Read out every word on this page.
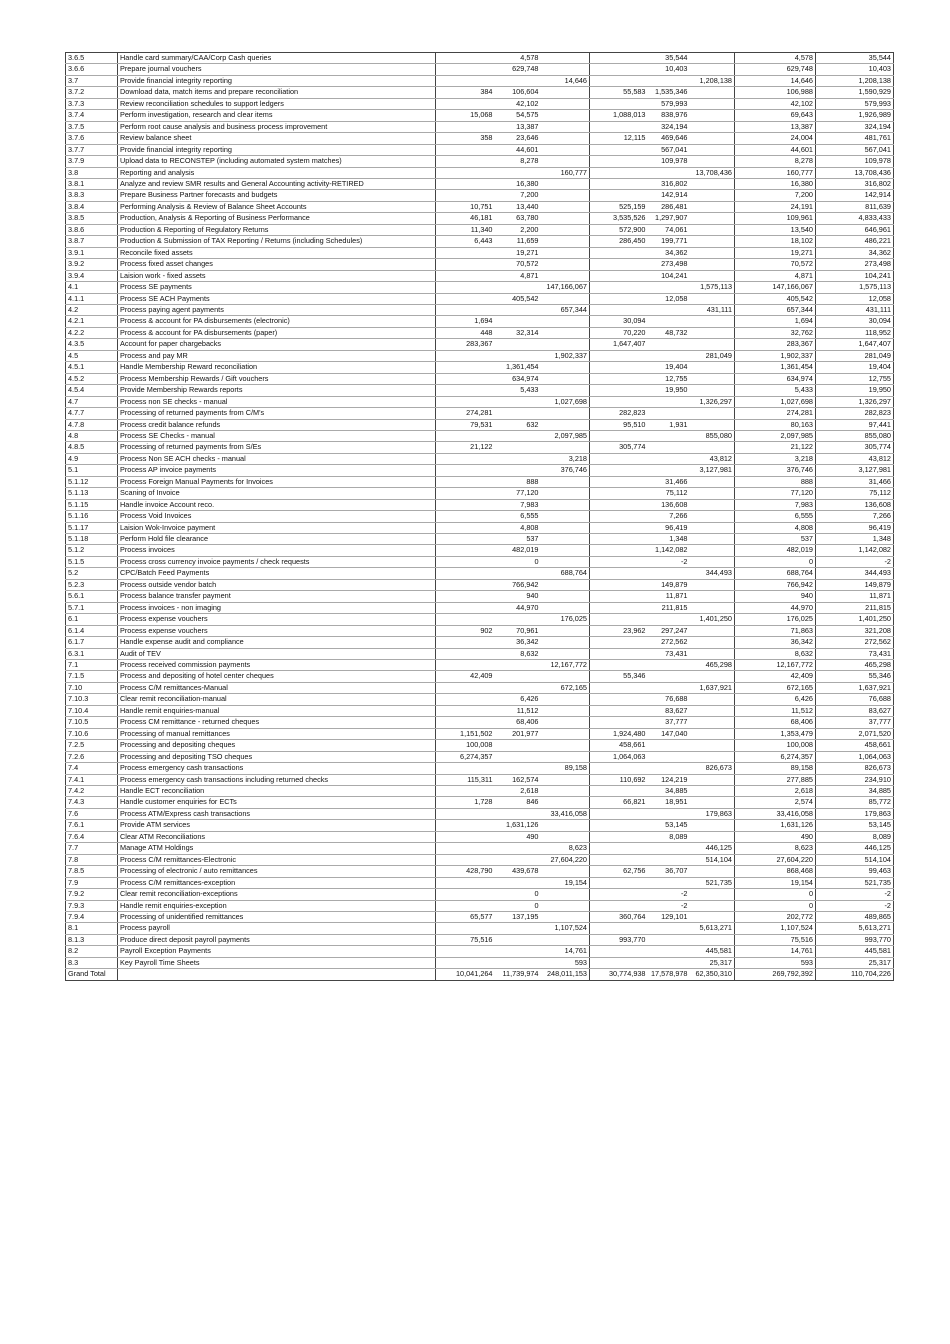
3.6.5	Handle card summary/CAA/Corp Cash queries		4,578			35,544		4,578	35,544
3.6.6	Prepare journal vouchers		629,748			10,403		629,748	10,403
3.7	Provide financial integrity reporting			14,646			1,208,138	14,646	1,208,138
3.7.2	Download data, match items and prepare reconciliation	384	106,604		55,583	1,535,346		106,988	1,590,929
3.7.3	Review reconciliation schedules to support ledgers		42,102			579,993		42,102	579,993
3.7.4	Perform investigation, research and clear items	15,068	54,575		1,088,013	838,976		69,643	1,926,989
3.7.5	Perform root cause analysis and business process improvement		13,387			324,194		13,387	324,194
3.7.6	Review balance sheet	358	23,646		12,115	469,646		24,004	481,761
3.7.7	Provide financial integrity reporting		44,601			567,041		44,601	567,041
3.7.9	Upload data to RECONSTEP (including automated system matches)		8,278			109,978		8,278	109,978
3.8	Reporting and analysis			160,777			13,708,436	160,777	13,708,436
3.8.1	Analyze and review SMR results and General Accounting activity-RETIRED		16,380			316,802		16,380	316,802
3.8.3	Prepare Business Partner forecasts and budgets		7,200			142,914		7,200	142,914
3.8.4	Performing Analysis & Review of Balance Sheet Accounts	10,751	13,440		525,159	286,481		24,191	811,639
3.8.5	Production, Analysis & Reporting of Business Performance	46,181	63,780		3,535,526	1,297,907		109,961	4,833,433
3.8.6	Production & Reporting of Regulatory Returns	11,340	2,200		572,900	74,061		13,540	646,961
3.8.7	Production & Submission of TAX Reporting / Returns (including Schedules)	6,443	11,659		286,450	199,771		18,102	486,221
3.9.1	Reconcile fixed assets		19,271			34,362		19,271	34,362
3.9.2	Process fixed asset changes		70,572			273,498		70,572	273,498
3.9.4	Laision work - fixed assets		4,871			104,241		4,871	104,241
4.1	Process SE payments			147,166,067			1,575,113	147,166,067	1,575,113
4.1.1	Process SE ACH Payments		405,542			12,058		405,542	12,058
4.2	Process paying agent payments			657,344			431,111	657,344	431,111
4.2.1	Process & account for PA disbursements (electronic)	1,694			30,094			1,694	30,094
4.2.2	Process & account for PA disbursements (paper)	448	32,314		70,220	48,732		32,762	118,952
4.3.5	Account for paper chargebacks	283,367			1,647,407			283,367	1,647,407
4.5	Process and pay MR			1,902,337			281,049	1,902,337	281,049
4.5.1	Handle Membership Reward reconciliation		1,361,454			19,404		1,361,454	19,404
4.5.2	Process Membership Rewards / Gift vouchers		634,974			12,755		634,974	12,755
4.5.4	Provide Membership Rewards reports		5,433			19,950		5,433	19,950
4.7	Process non SE checks - manual			1,027,698			1,326,297	1,027,698	1,326,297
4.7.7	Processing of returned payments from C/M's	274,281			282,823			274,281	282,823
4.7.8	Process credit balance refunds	79,531	632		95,510	1,931		80,163	97,441
4.8	Process SE Checks - manual			2,097,985			855,080	2,097,985	855,080
4.8.5	Processing of returned payments from S/Es	21,122			305,774			21,122	305,774
4.9	Process Non SE ACH checks - manual			3,218			43,812	3,218	43,812
5.1	Process AP invoice payments			376,746			3,127,981	376,746	3,127,981
5.1.12	Process Foreign Manual Payments for Invoices		888			31,466		888	31,466
5.1.13	Scaning of Invoice		77,120			75,112		77,120	75,112
5.1.15	Handle invoice Account reco.		7,983			136,608		7,983	136,608
5.1.16	Process Void Invoices		6,555			7,266		6,555	7,266
5.1.17	Laision Wok-Invoice payment		4,808			96,419		4,808	96,419
5.1.18	Perform Hold file clearance		537			1,348		537	1,348
5.1.2	Process invoices		482,019			1,142,082		482,019	1,142,082
5.1.5	Process cross currency invoice payments / check requests		0			-2		0	-2
5.2	CPC/Batch Feed Payments			688,764			344,493	688,764	344,493
5.2.3	Process outside vendor batch		766,942			149,879		766,942	149,879
5.6.1	Process balance transfer payment		940			11,871		940	11,871
5.7.1	Process invoices - non imaging		44,970			211,815		44,970	211,815
6.1	Process expense vouchers			176,025			1,401,250	176,025	1,401,250
6.1.4	Process expense vouchers	902	70,961		23,962	297,247		71,863	321,208
6.1.7	Handle expense audit and compliance		36,342			272,562		36,342	272,562
6.3.1	Audit of TEV		8,632			73,431		8,632	73,431
7.1	Process received commission payments			12,167,772			465,298	12,167,772	465,298
7.1.5	Process and depositing of hotel center cheques	42,409			55,346			42,409	55,346
7.10	Process C/M remittances-Manual			672,165			1,637,921	672,165	1,637,921
7.10.3	Clear remit reconciliation-manual		6,426			76,688		6,426	76,688
7.10.4	Handle remit enquiries-manual		11,512			83,627		11,512	83,627
7.10.5	Process CM remittance - returned cheques		68,406			37,777		68,406	37,777
7.10.6	Processing of manual remittances	1,151,502	201,977		1,924,480	147,040		1,353,479	2,071,520
7.2.5	Processing and depositing cheques	100,008			458,661			100,008	458,661
7.2.6	Processing and depositing TSO cheques	6,274,357			1,064,063			6,274,357	1,064,063
7.4	Process emergency cash transactions			89,158			826,673	89,158	826,673
7.4.1	Process emergency cash transactions including returned checks	115,311	162,574		110,692	124,219		277,885	234,910
7.4.2	Handle ECT reconciliation		2,618			34,885		2,618	34,885
7.4.3	Handle customer enquiries for ECTs	1,728	846		66,821	18,951		2,574	85,772
7.6	Process ATM/Express cash transactions			33,416,058			179,863	33,416,058	179,863
7.6.1	Provide ATM services		1,631,126			53,145		1,631,126	53,145
7.6.4	Clear ATM Reconciliations		490			8,089		490	8,089
7.7	Manage ATM Holdings			8,623			446,125	8,623	446,125
7.8	Process C/M remittances-Electronic			27,604,220			514,104	27,604,220	514,104
7.8.5	Processing of electronic / auto remittances	428,790	439,678		62,756	36,707		868,468	99,463
7.9	Process C/M remittances-exception			19,154			521,735	19,154	521,735
7.9.2	Clear remit reconciliation-exceptions		0			-2		0	-2
7.9.3	Handle remit enquiries-exception		0			-2		0	-2
7.9.4	Processing of unidentified remittances	65,577	137,195		360,764	129,101		202,772	489,865
8.1	Process payroll			1,107,524			5,613,271	1,107,524	5,613,271
8.1.3	Produce direct deposit payroll payments	75,516			993,770			75,516	993,770
8.2	Payroll Exception Payments			14,761			445,581	14,761	445,581
8.3	Key Payroll Time Sheets			593			25,317	593	25,317
Grand Total		10,041,264	11,739,974	248,011,153	30,774,938	17,578,978	62,350,310	269,792,392	110,704,226
